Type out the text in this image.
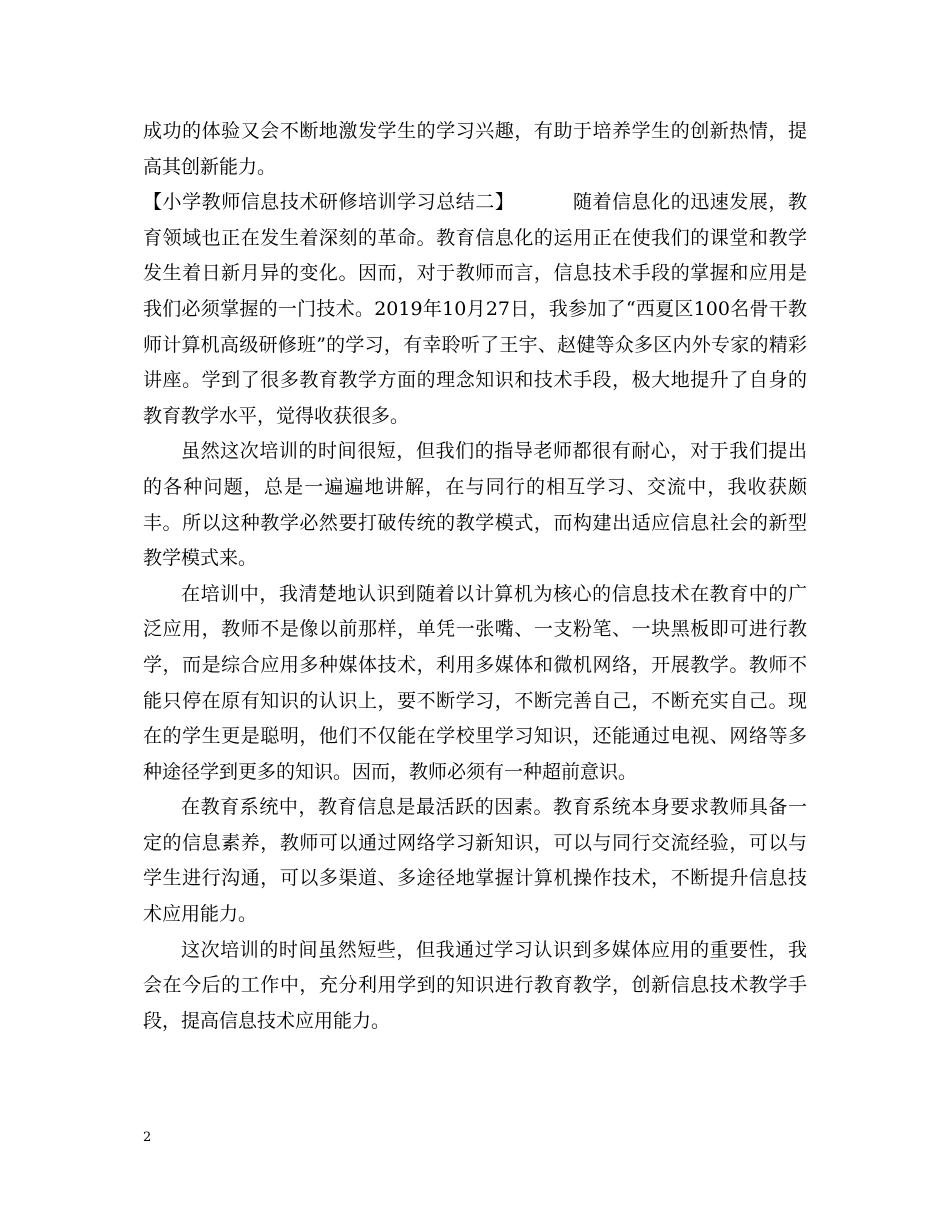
成功的体验又会不断地激发学生的学习兴趣，有助于培养学生的创新热情，提高其创新能力。

【小学教师信息技术研修培训学习总结二】	随着信息化的迅速发展，教育领域也正在发生着深刻的革命。教育信息化的运用正在使我们的课堂和教学发生着日新月异的变化。因而，对于教师而言，信息技术手段的掌握和应用是我们必须掌握的一门技术。2019年10月27日，我参加了“西夏区100名骨干教师计算机高级研修班”的学习，有幸聆听了王宇、赵健等众多区内外专家的精彩讲座。学到了很多教育教学方面的理念知识和技术手段，极大地提升了自身的教育教学水平，觉得收获很多。

虽然这次培训的时间很短，但我们的指导老师都很有耐心，对于我们提出的各种问题，总是一遍遍地讲解，在与同行的相互学习、交流中，我收获颇丰。所以这种教学必然要打破传统的教学模式，而构建出适应信息社会的新型教学模式来。

在培训中，我清楚地认识到随着以计算机为核心的信息技术在教育中的广泛应用，教师不是像以前那样，单凭一张嘴、一支粉笔、一块黑板即可进行教学，而是综合应用多种媒体技术，利用多媒体和微机网络，开展教学。教师不能只停在原有知识的认识上，要不断学习，不断完善自己，不断充实自己。现在的学生更是聪明，他们不仅能在学校里学习知识，还能通过电视、网络等多种途径学到更多的知识。因而，教师必须有一种超前意识。

在教育系统中，教育信息是最活跃的因素。教育系统本身要求教师具备一定的信息素养，教师可以通过网络学习新知识，可以与同行交流经验，可以与学生进行沟通，可以多渠道、多途径地掌握计算机操作技术，不断提升信息技术应用能力。

这次培训的时间虽然短些，但我通过学习认识到多媒体应用的重要性，我会在今后的工作中，充分利用学到的知识进行教育教学，创新信息技术教学手段，提高信息技术应用能力。

2
